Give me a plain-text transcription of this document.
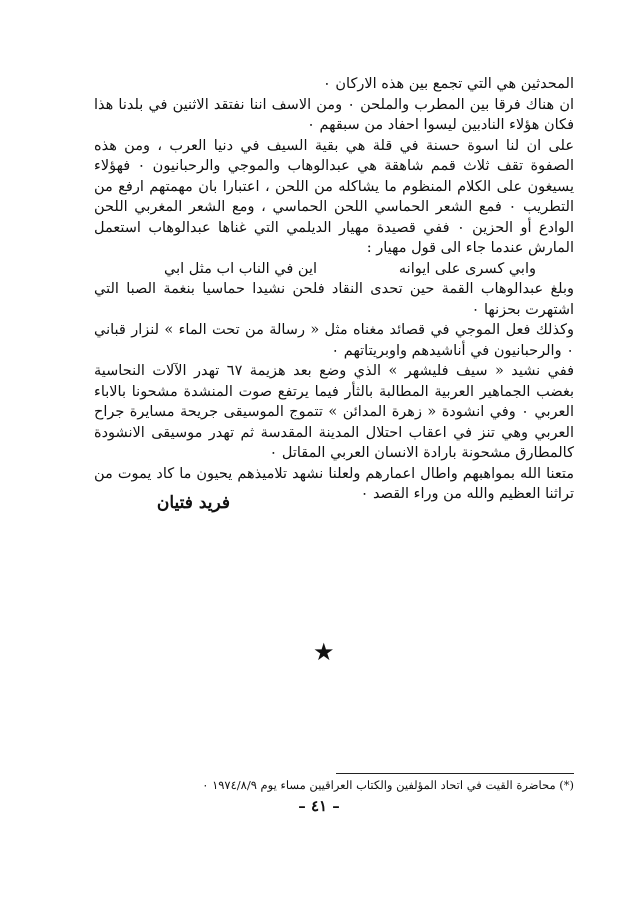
المحدثين هي التي تجمع بين هذه الاركان ٠

ان هناك فرقا بين المطرب والملحن ٠ ومن الاسف اننا نفتقد الاثنين في بلدنا هذا فكان هؤلاء النادبين ليسوا احفاد من سبقهم ٠

على ان لنا اسوة حسنة في قلة هي بقية السيف في دنيا العرب ، ومن هذه الصفوة تقف ثلاث قمم شاهقة هي عبدالوهاب والموجي والرحبانيون ٠ فهؤلاء يسيغون على الكلام المنظوم ما يشاكله من اللحن ، اعتبارا بان مهمتهم ارفع من التطريب ٠ فمع الشعر الحماسي اللحن الحماسي ، ومع الشعر المغربي اللحن الوادع أو الحزين ٠ ففي قصيدة مهيار الديلمي التي غناها عبدالوهاب استعمل المارش عندما جاء الى قول مهيار :

وابي كسرى على ايوانه
اين في الناب اب مثل ابي

وبلغ عبدالوهاب القمة حين تحدى النقاد فلحن نشيدا حماسيا بنغمة الصبا التي اشتهرت بحزنها ٠

وكذلك فعل الموجي في قصائد مغناه مثل « رسالة من تحت الماء » لنزار قباني ٠ والرحبانيون في أناشيدهم واوبريتاتهم ٠

ففي نشيد « سيف فليشهر » الذي وضع بعد هزيمة ٦٧ تهدر الآلات النحاسية بغضب الجماهير العربية المطالبة بالثأر فيما يرتفع صوت المنشدة مشحونا بالاباء العربي ٠ وفي انشودة « زهرة المدائن » تتموج الموسيقى جريحة مسايرة جراح العربي وهي تنز في اعقاب احتلال المدينة المقدسة ثم تهدر موسيقى الانشودة كالمطارق مشحونة بارادة الانسان العربي المقاتل ٠

متعنا الله بمواهبهم واطال اعمارهم ولعلنا نشهد تلاميذهم يحيون ما كاد يموت من تراثنا العظيم والله من وراء القصد ٠

فريد فتيان
★
(*) محاضرة القيت في اتحاد المؤلفين والكتاب العراقيين مساء يوم ١٩٧٤/٨/٩ ٠
– ٤١ –
